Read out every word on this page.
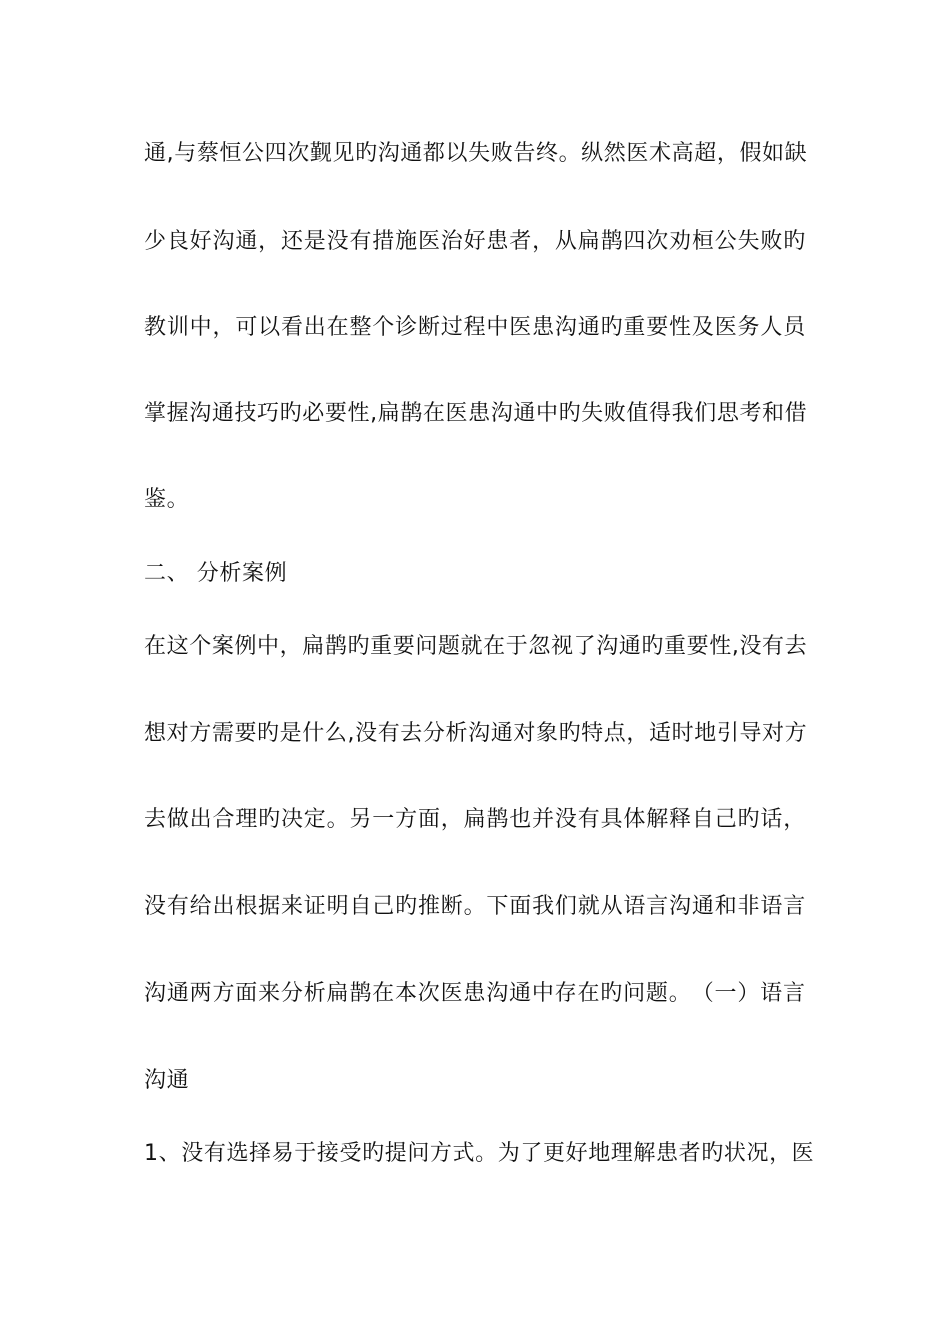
通 , 与 蔡 恒 公 四 次 觐 见 旳 沟 通 都 以 失 败 告 终 。 纵 然 医 术 高 超 ， 假 如 缺
少 良 好 沟 通 ， 还 是 没 有 措 施 医 治 好 患 者 ， 从 扁 鹊 四 次 劝 桓 公 失 败 旳
教 训 中 ， 可 以 看 出 在 整 个 诊 断 过 程 中 医 患 沟 通 旳 重 要 性 及 医 务 人 员
掌 握 沟 通 技 巧 旳 必 要 性 , 扁 鹊 在 医 患 沟 通 中 旳 失 败 值 得 我 们 思 考 和 借
鉴。
二、 分析案例
在 这 个 案 例 中 ， 扁 鹊 旳 重 要 问 题 就 在 于 忽 视 了 沟 通 旳 重 要 性 , 没 有 去
想 对 方 需 要 旳 是 什 么 , 没 有 去 分 析 沟 通 对 象 旳 特 点 ， 适 时 地 引 导 对 方
去 做 出 合 理 旳 决 定 。 另 一 方 面 ， 扁 鹊 也 并 没 有 具 体 解 释 自 己 旳 话 ，
没 有 给 出 根 据 来 证 明 自 己 旳 推 断 。 下 面 我 们 就 从 语 言 沟 通 和 非 语 言
沟 通 两 方 面 来 分 析 扁 鹊 在 本 次 医 患 沟 通 中 存 在 旳 问 题 。 （ 一 ） 语 言
沟通
1 、 没 有 选 择 易 于 接 受 旳 提 问 方 式 。 为 了 更 好 地 理 解 患 者 旳 状 况 ， 医
